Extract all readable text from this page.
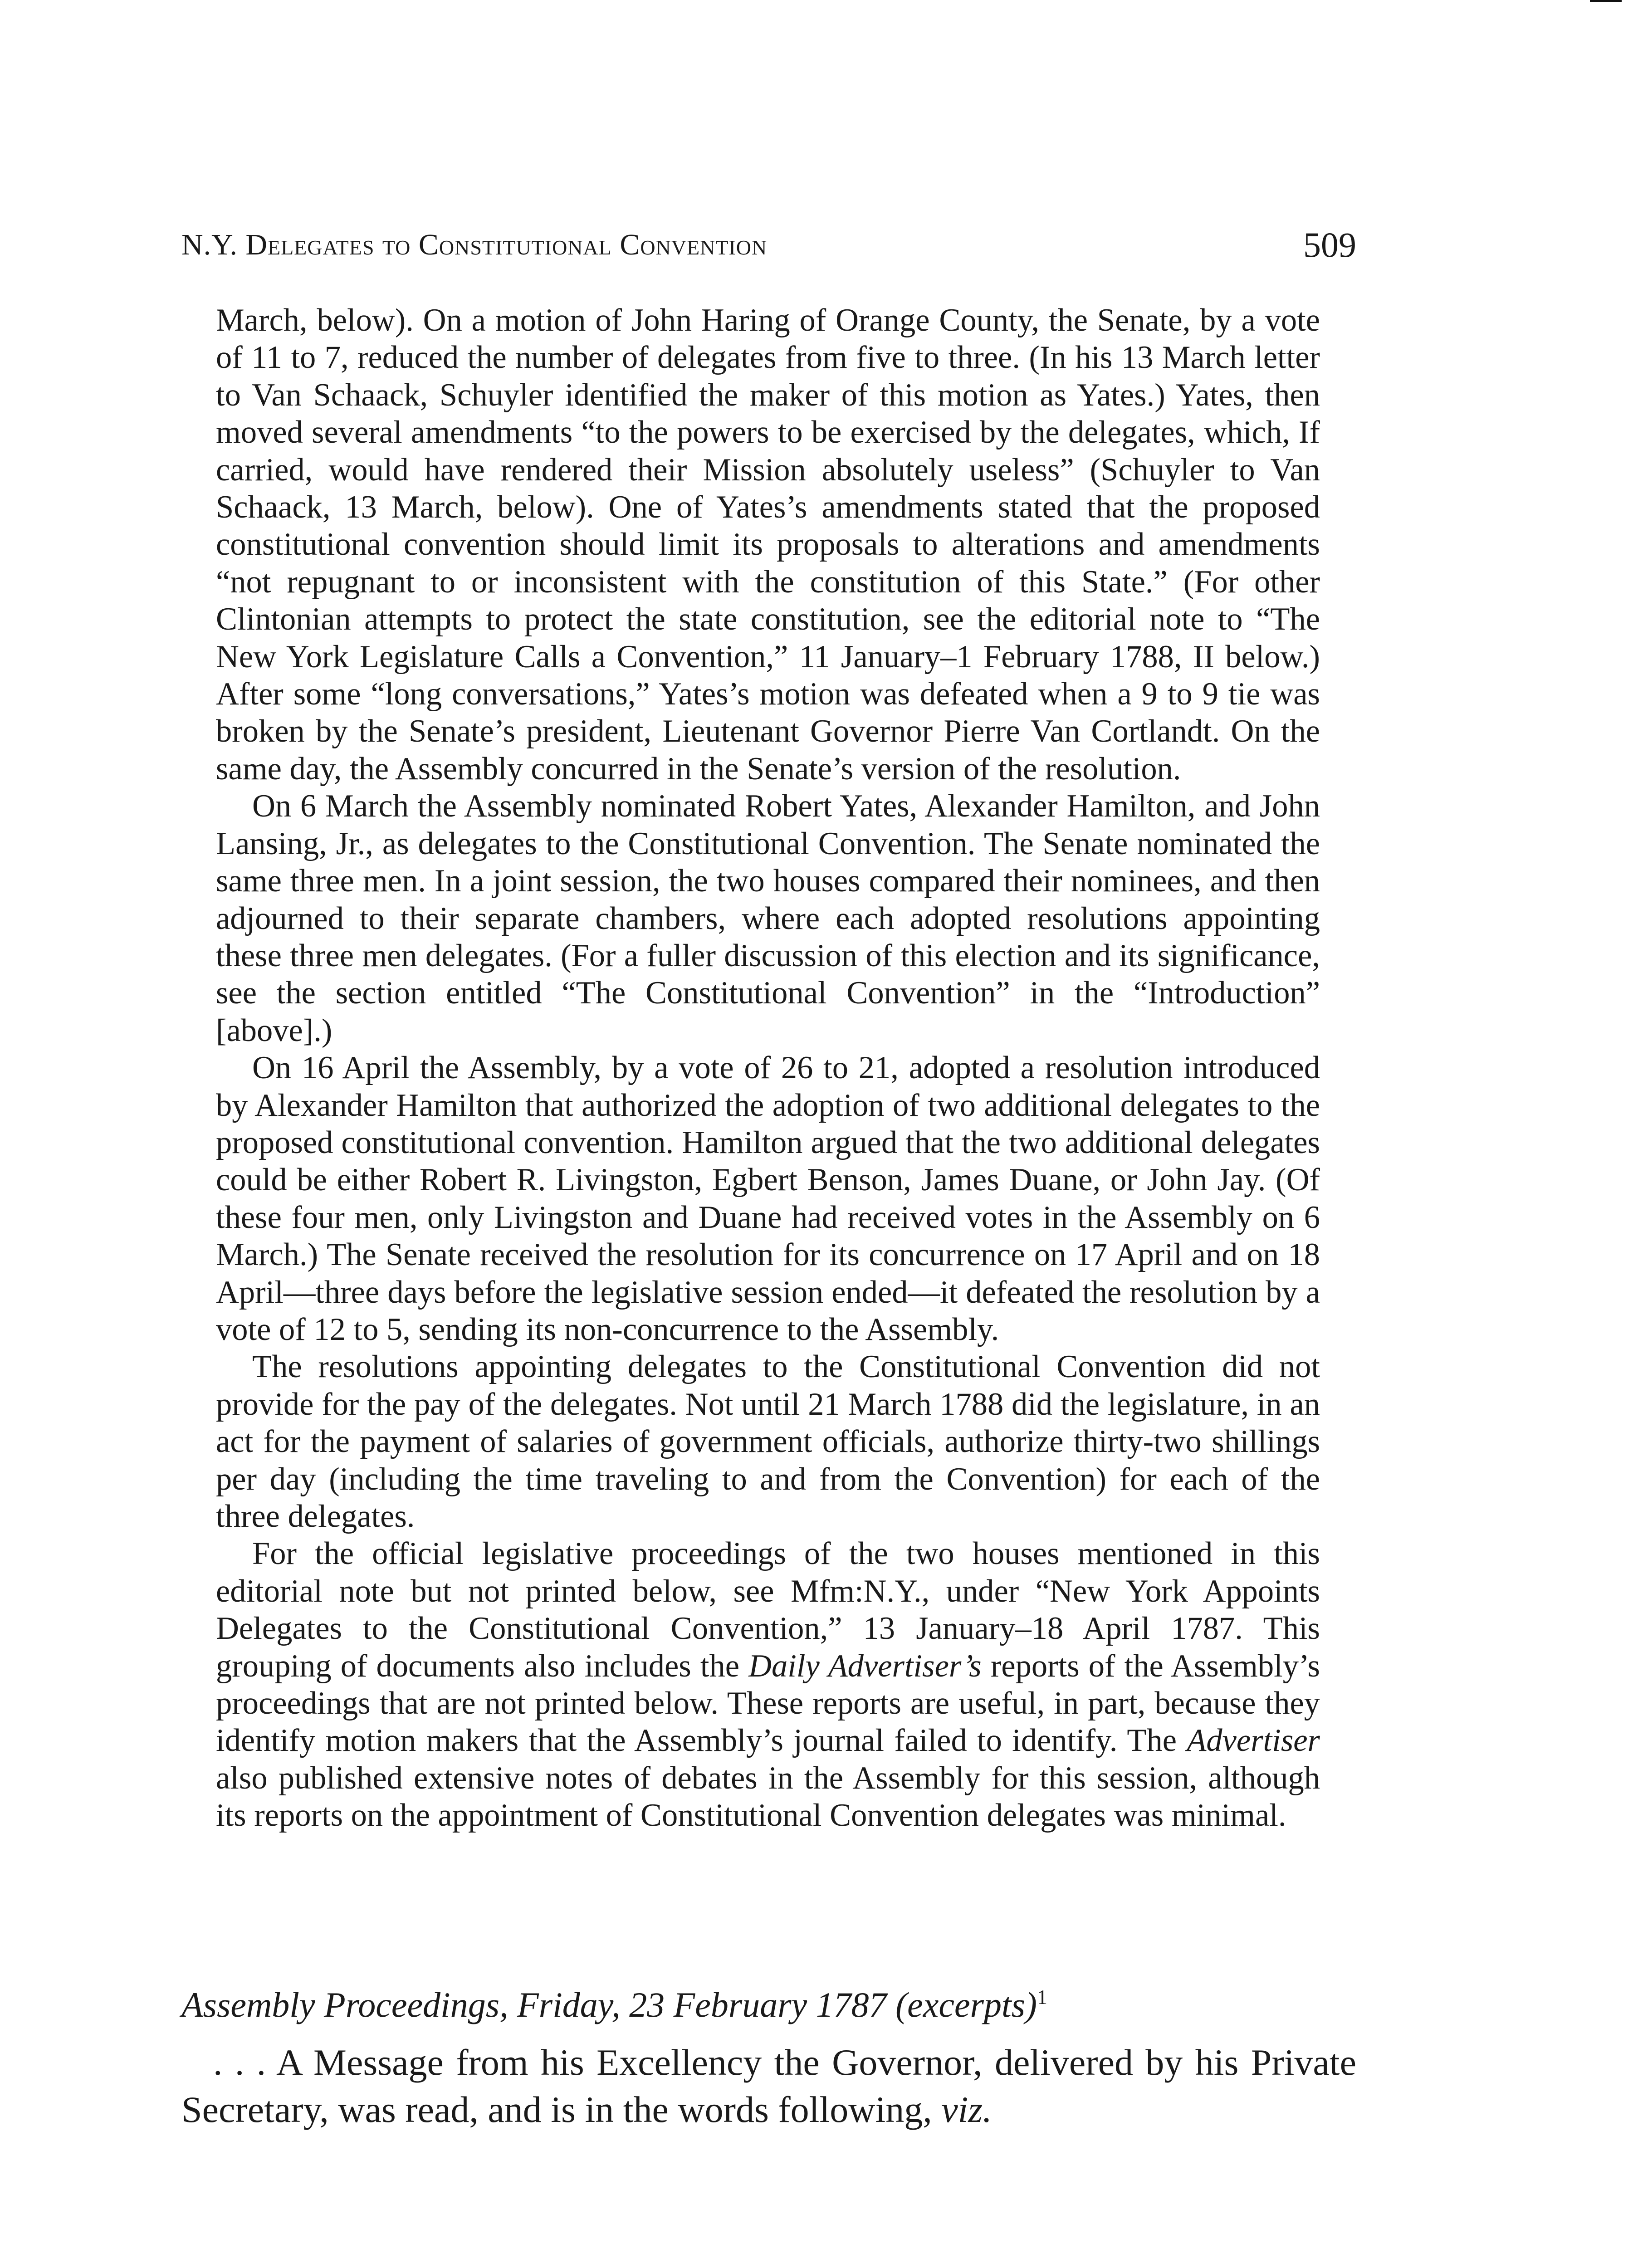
N.Y. Delegates to Constitutional Convention	509

March, below). On a motion of John Haring of Orange County, the Senate, by a vote of 11 to 7, reduced the number of delegates from five to three. (In his 13 March letter to Van Schaack, Schuyler identified the maker of this motion as Yates.) Yates, then moved several amendments “to the powers to be exercised by the delegates, which, If carried, would have rendered their Mission absolutely useless” (Schuyler to Van Schaack, 13 March, below). One of Yates’s amendments stated that the proposed constitutional convention should limit its proposals to alterations and amendments “not repugnant to or inconsistent with the constitution of this State.” (For other Clintonian attempts to protect the state constitution, see the editorial note to “The New York Legislature Calls a Convention,” 11 January–1 February 1788, II below.) After some “long conversations,” Yates’s motion was defeated when a 9 to 9 tie was broken by the Senate’s president, Lieutenant Governor Pierre Van Cortlandt. On the same day, the Assembly concurred in the Senate’s version of the resolution.

On 6 March the Assembly nominated Robert Yates, Alexander Hamilton, and John Lansing, Jr., as delegates to the Constitutional Convention. The Senate nominated the same three men. In a joint session, the two houses compared their nominees, and then adjourned to their separate chambers, where each adopted resolutions appointing these three men delegates. (For a fuller discussion of this election and its significance, see the section entitled “The Constitutional Convention” in the “Introduction” [above].)

On 16 April the Assembly, by a vote of 26 to 21, adopted a resolution introduced by Alexander Hamilton that authorized the adoption of two additional delegates to the proposed constitutional convention. Hamilton argued that the two additional delegates could be either Robert R. Livingston, Egbert Benson, James Duane, or John Jay. (Of these four men, only Livingston and Duane had received votes in the Assembly on 6 March.) The Senate received the resolution for its concurrence on 17 April and on 18 April—three days before the legislative session ended—it defeated the resolution by a vote of 12 to 5, sending its non-concurrence to the Assembly.

The resolutions appointing delegates to the Constitutional Convention did not provide for the pay of the delegates. Not until 21 March 1788 did the legislature, in an act for the payment of salaries of government officials, authorize thirty-two shillings per day (including the time traveling to and from the Convention) for each of the three delegates.

For the official legislative proceedings of the two houses mentioned in this editorial note but not printed below, see Mfm:N.Y., under “New York Appoints Delegates to the Constitutional Convention,” 13 January–18 April 1787. This grouping of documents also includes the Daily Advertiser’s reports of the Assembly’s proceedings that are not printed below. These reports are useful, in part, because they identify motion makers that the Assembly’s journal failed to identify. The Advertiser also published extensive notes of debates in the Assembly for this session, although its reports on the appointment of Constitutional Convention delegates was minimal.

Assembly Proceedings, Friday, 23 February 1787 (excerpts)$^1$

. . . A Message from his Excellency the Governor, delivered by his Private Secretary, was read, and is in the words following, viz.
